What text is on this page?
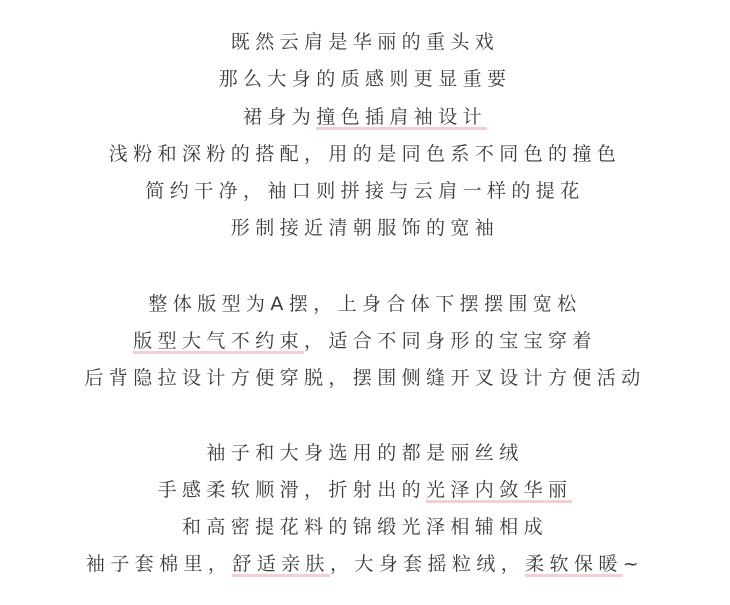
既然云肩是华丽的重头戏
那么大身的质感则更显重要
裙身为撞色插肩袖设计
浅粉和深粉的搭配，用的是同色系不同色的撞色
简约干净，袖口则拼接与云肩一样的提花
形制接近清朝服饰的宽袖
整体版型为A摆，上身合体下摆摆围宽松
版型大气不约束，适合不同身形的宝宝穿着
后背隐拉设计方便穿脱，摆围侧缝开叉设计方便活动
袖子和大身选用的都是丽丝绒
手感柔软顺滑，折射出的光泽内敛华丽
和高密提花料的锦缎光泽相辅相成
袖子套棉里，舒适亲肤，大身套摇粒绒，柔软保暖~
